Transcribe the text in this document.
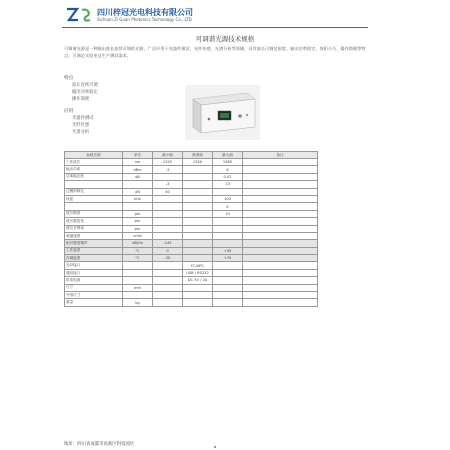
四川梓冠光电科技有限公司
Sichuan Zi Guan Photonics Technology Co., LTD
可调谐光源技术规格
可调谐光源是一种输出波长连续可调的光源，广泛应用于光器件测试、光纤传感、光谱分析等领域，具有波长可调范围宽、输出功率稳定、体积小巧、操作简便等特点，可满足实验室及生产测试需求。
特点
波长连续可调
输出功率稳定
操作简便
应用
光器件测试
光纤传感
光谱分析
参数名称	单位	最小值	典型值	最大值	备注
工作波长	nm	1525	1550	1565	
输出功率	dBm	-3		6	
功率稳定度	dB			0.02	
		-3		13	
边模抑制比	dB	40			
线宽	kHz			100	
				4	
波长精度	pm			10	
波长重复性	pm				
波长分辨率	pm				
调谐速度	nm/s				
相对强度噪声	dB/Hz	-145			
工作温度	°C	0		+45	
存储温度	°C	-20		+70	
光纤接口			FC/APC		
通信接口			USB / RS232		
供电电源			DC 5V / 2A		
尺寸	mm				
外形尺寸					
重量	kg				
地址：四川省成都市高新区科技园区
